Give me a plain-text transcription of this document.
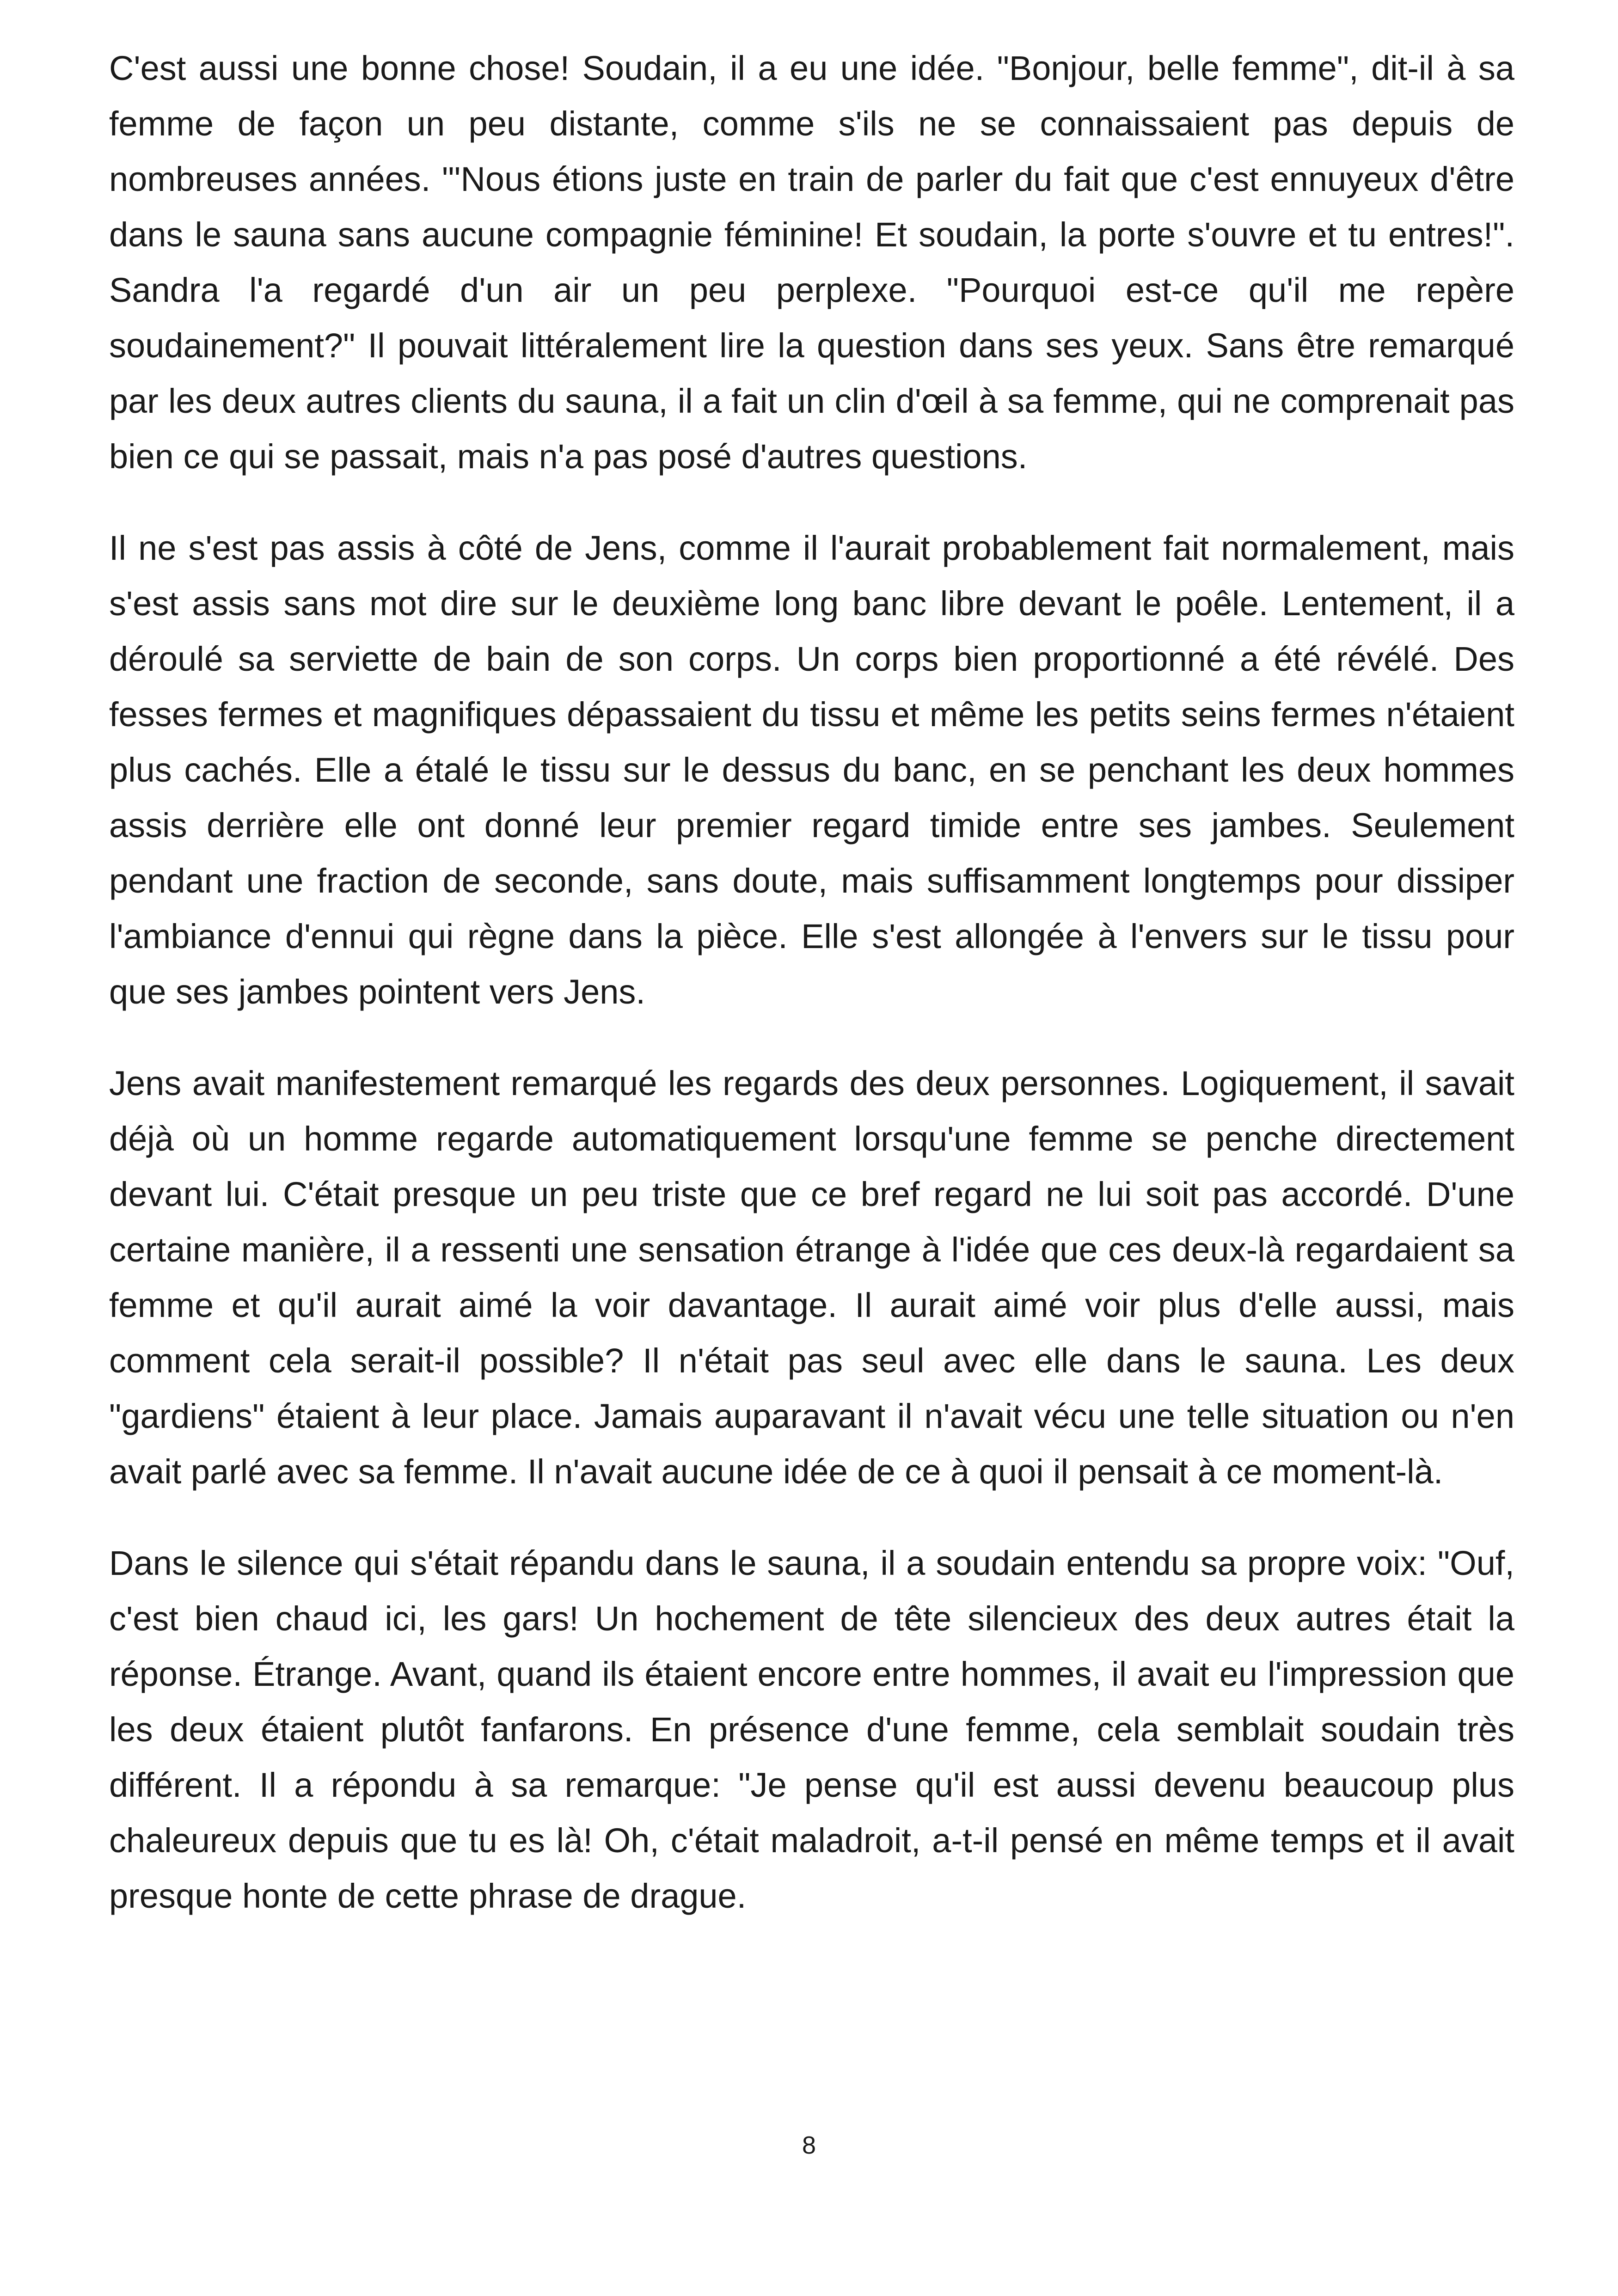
C'est aussi une bonne chose! Soudain, il a eu une idée. "Bonjour, belle femme", dit-il à sa femme de façon un peu distante, comme s'ils ne se connaissaient pas depuis de nombreuses années. "'Nous étions juste en train de parler du fait que c'est ennuyeux d'être dans le sauna sans aucune compagnie féminine! Et soudain, la porte s'ouvre et tu entres!". Sandra l'a regardé d'un air un peu perplexe. "Pourquoi est-ce qu'il me repère soudainement?" Il pouvait littéralement lire la question dans ses yeux. Sans être remarqué par les deux autres clients du sauna, il a fait un clin d'œil à sa femme, qui ne comprenait pas bien ce qui se passait, mais n'a pas posé d'autres questions.

Il ne s'est pas assis à côté de Jens, comme il l'aurait probablement fait normalement, mais s'est assis sans mot dire sur le deuxième long banc libre devant le poêle. Lentement, il a déroulé sa serviette de bain de son corps. Un corps bien proportionné a été révélé. Des fesses fermes et magnifiques dépassaient du tissu et même les petits seins fermes n'étaient plus cachés. Elle a étalé le tissu sur le dessus du banc, en se penchant les deux hommes assis derrière elle ont donné leur premier regard timide entre ses jambes. Seulement pendant une fraction de seconde, sans doute, mais suffisamment longtemps pour dissiper l'ambiance d'ennui qui règne dans la pièce. Elle s'est allongée à l'envers sur le tissu pour que ses jambes pointent vers Jens.

Jens avait manifestement remarqué les regards des deux personnes. Logiquement, il savait déjà où un homme regarde automatiquement lorsqu'une femme se penche directement devant lui. C'était presque un peu triste que ce bref regard ne lui soit pas accordé. D'une certaine manière, il a ressenti une sensation étrange à l'idée que ces deux-là regardaient sa femme et qu'il aurait aimé la voir davantage. Il aurait aimé voir plus d'elle aussi, mais comment cela serait-il possible? Il n'était pas seul avec elle dans le sauna. Les deux "gardiens" étaient à leur place. Jamais auparavant il n'avait vécu une telle situation ou n'en avait parlé avec sa femme. Il n'avait aucune idée de ce à quoi il pensait à ce moment-là.

Dans le silence qui s'était répandu dans le sauna, il a soudain entendu sa propre voix: "Ouf, c'est bien chaud ici, les gars! Un hochement de tête silencieux des deux autres était la réponse. Étrange. Avant, quand ils étaient encore entre hommes, il avait eu l'impression que les deux étaient plutôt fanfarons. En présence d'une femme, cela semblait soudain très différent. Il a répondu à sa remarque: "Je pense qu'il est aussi devenu beaucoup plus chaleureux depuis que tu es là! Oh, c'était maladroit, a-t-il pensé en même temps et il avait presque honte de cette phrase de drague.

8
